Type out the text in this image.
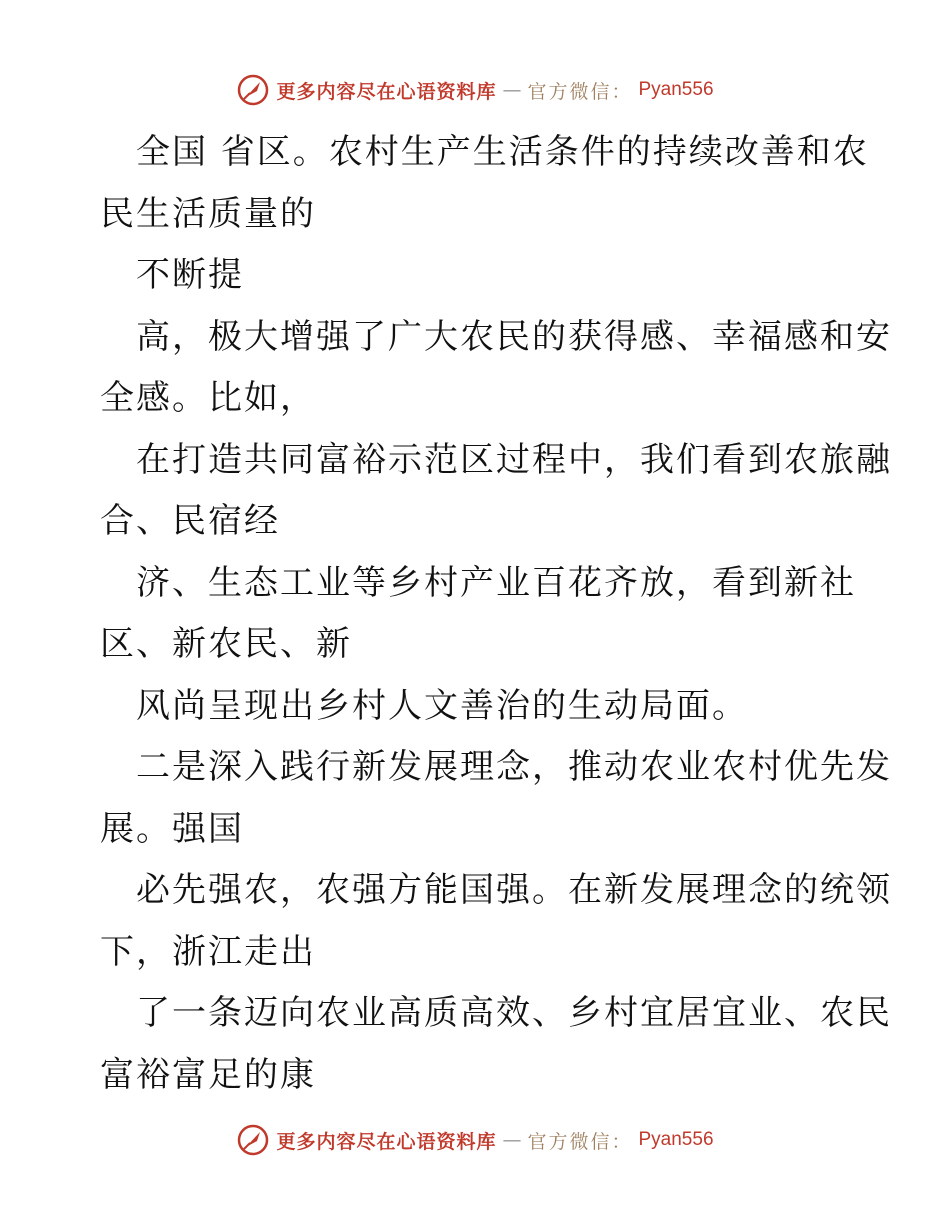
更多内容尽在心语资料库 — 官方微信： Pyan556
全国 省区。农村生产生活条件的持续改善和农
民生活质量的
不断提
高，极大增强了广大农民的获得感、幸福感和安
全感。比如，
在打造共同富裕示范区过程中，我们看到农旅融
合、民宿经
济、生态工业等乡村产业百花齐放，看到新社
区、新农民、新
风尚呈现出乡村人文善治的生动局面。
二是深入践行新发展理念，推动农业农村优先发
展。强国
必先强农，农强方能国强。在新发展理念的统领
下，浙江走出
了一条迈向农业高质高效、乡村宜居宜业、农民
富裕富足的康
更多内容尽在心语资料库 — 官方微信： Pyan556
